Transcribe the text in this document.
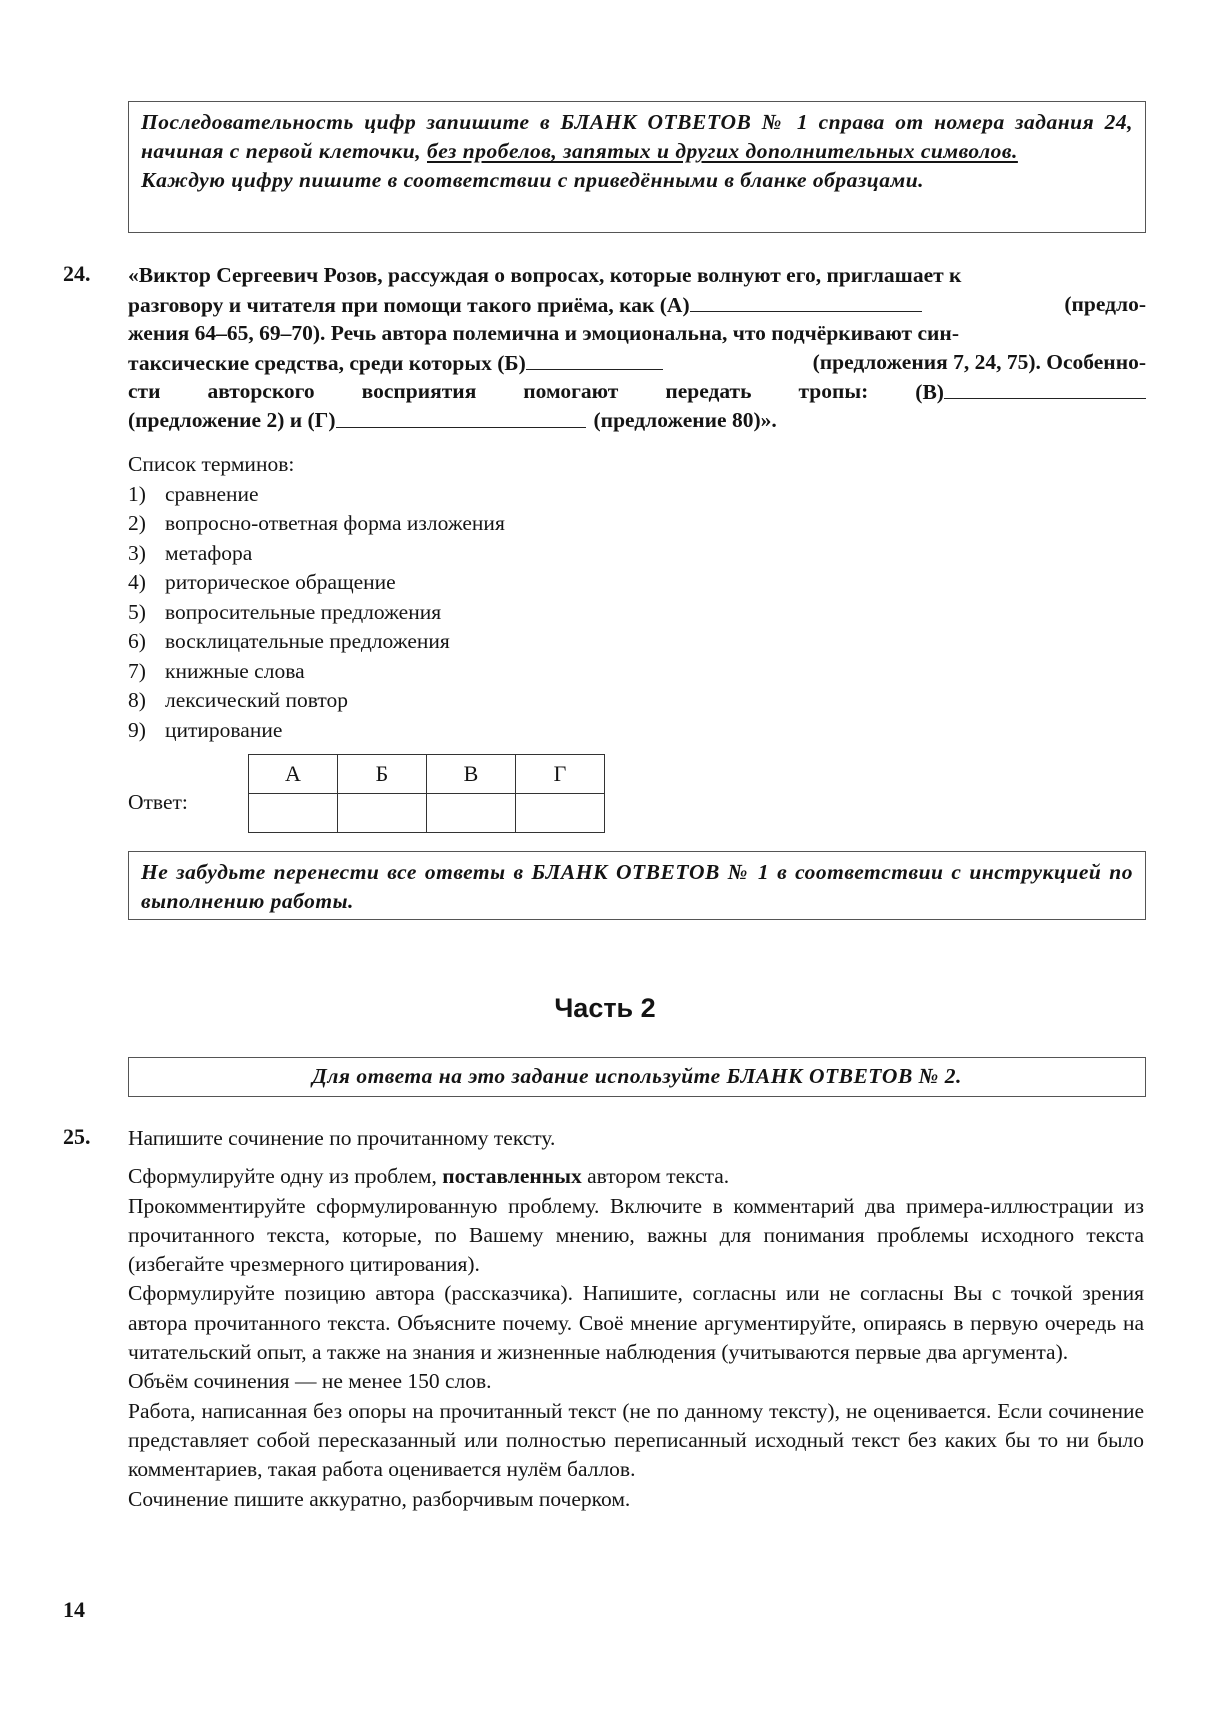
Последовательность цифр запишите в БЛАНК ОТВЕТОВ № 1 справа от номера задания 24, начиная с первой клеточки, без пробелов, запятых и других дополнительных символов.
Каждую цифру пишите в соответствии с приведёнными в бланке образцами.
24. «Виктор Сергеевич Розов, рассуждая о вопросах, которые волнуют его, приглашает к
разговору и читателя при помощи такого приёма, как (А)	(предло-
жения 64–65, 69–70). Речь автора полемична и эмоциональна, что подчёркивают син-
таксические средства, среди которых (Б)	(предложения 7, 24, 75). Особенно-
сти авторского восприятия помогают передать тропы: (В)
(предложение 2) и (Г)	(предложение 80)».
Список терминов:
1) сравнение
2) вопросно-ответная форма изложения
3) метафора
4) риторическое обращение
5) вопросительные предложения
6) восклицательные предложения
7) книжные слова
8) лексический повтор
9) цитирование
Ответ:
А	Б	В	Г

Не забудьте перенести все ответы в БЛАНК ОТВЕТОВ № 1 в соответствии с инструкцией по выполнению работы.
Часть 2
Для ответа на это задание используйте БЛАНК ОТВЕТОВ № 2.
25. Напишите сочинение по прочитанному тексту.

Сформулируйте одну из проблем, поставленных автором текста.

Прокомментируйте сформулированную проблему. Включите в комментарий два примера-иллюстрации из прочитанного текста, которые, по Вашему мнению, важны для понимания проблемы исходного текста (избегайте чрезмерного цитирования).

Сформулируйте позицию автора (рассказчика). Напишите, согласны или не согласны Вы с точкой зрения автора прочитанного текста. Объясните почему. Своё мнение аргументируйте, опираясь в первую очередь на читательский опыт, а также на знания и жизненные наблюдения (учитываются первые два аргумента).

Объём сочинения — не менее 150 слов.

Работа, написанная без опоры на прочитанный текст (не по данному тексту), не оценивается. Если сочинение представляет собой пересказанный или полностью переписанный исходный текст без каких бы то ни было комментариев, такая работа оценивается нулём баллов.

Сочинение пишите аккуратно, разборчивым почерком.

14
